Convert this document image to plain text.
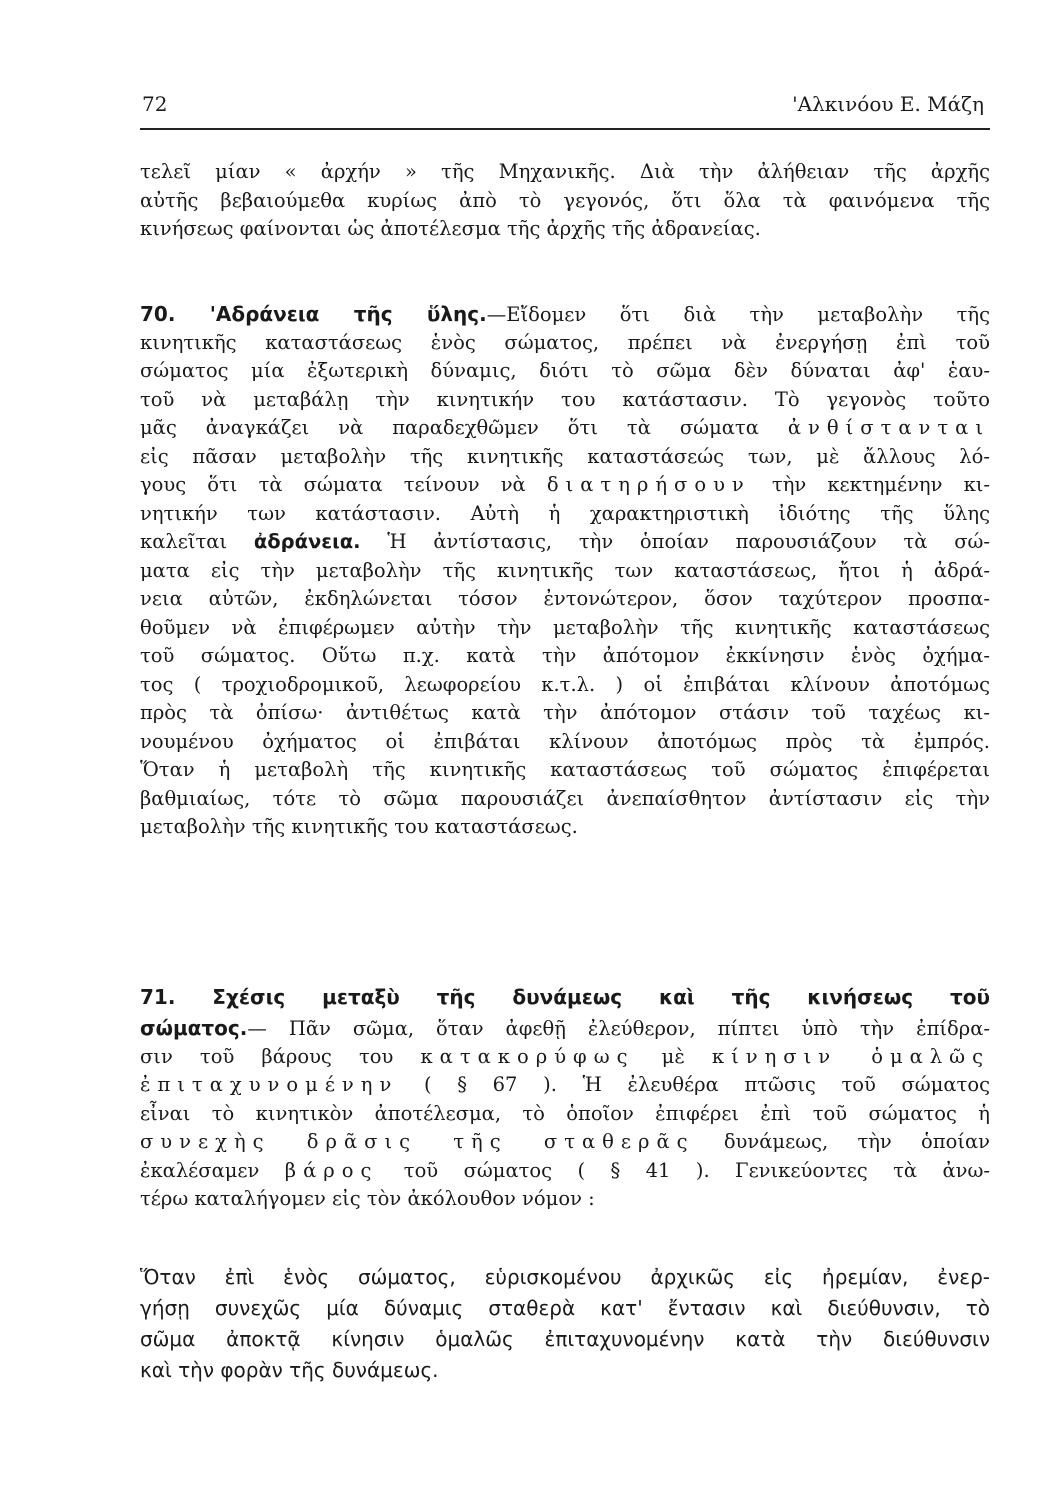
72	'Αλκινόου Ε. Μάζη
τελεῖ μίαν « ἀρχήν » τῆς Μηχανικῆς. Διὰ τὴν ἀλήθειαν τῆς ἀρχῆς
αὐτῆς βεβαιούμεθα κυρίως ἀπὸ τὸ γεγονός, ὅτι ὅλα τὰ φαινόμενα τῆς
κινήσεως φαίνονται ὡς ἀποτέλεσμα τῆς ἀρχῆς τῆς ἀδρανείας.
70. 'Αδράνεια τῆς ὕλης.—Εἴδομεν ὅτι διὰ τὴν μεταβολὴν τῆς
κινητικῆς καταστάσεως ἑνὸς σώματος, πρέπει νὰ ἐνεργήσῃ ἐπὶ τοῦ
σώματος μία ἐξωτερικὴ δύναμις, διότι τὸ σῶμα δὲν δύναται ἀφ' ἑαυ-
τοῦ νὰ μεταβάλῃ τὴν κινητικήν του κατάστασιν. Τὸ γεγονὸς τοῦτο
μᾶς ἀναγκάζει νὰ παραδεχθῶμεν ὅτι τὰ σώματα ἀνθίστανται
εἰς πᾶσαν μεταβολὴν τῆς κινητικῆς καταστάσεώς των, μὲ ἄλλους λό-
γους ὅτι τὰ σώματα τείνουν νὰ διατηρήσουν τὴν κεκτημένην κι-
νητικήν των κατάστασιν. Αὐτὴ ἡ χαρακτηριστικὴ ἰδιότης τῆς ὕλης
καλεῖται ἀδράνεια. Ἡ ἀντίστασις, τὴν ὁποίαν παρουσιάζουν τὰ σώ-
ματα εἰς τὴν μεταβολὴν τῆς κινητικῆς των καταστάσεως, ἤτοι ἡ ἀδρά-
νεια αὐτῶν, ἐκδηλώνεται τόσον ἐντονώτερον, ὅσον ταχύτερον προσπα-
θοῦμεν νὰ ἐπιφέρωμεν αὐτὴν τὴν μεταβολὴν τῆς κινητικῆς καταστάσεως
τοῦ σώματος. Οὕτω π.χ. κατὰ τὴν ἀπότομον ἐκκίνησιν ἑνὸς ὀχήμα-
τος ( τροχιοδρομικοῦ, λεωφορείου κ.τ.λ. ) οἱ ἐπιβάται κλίνουν ἀποτόμως
πρὸς τὰ ὀπίσω· ἀντιθέτως κατὰ τὴν ἀπότομον στάσιν τοῦ ταχέως κι-
νουμένου ὀχήματος οἱ ἐπιβάται κλίνουν ἀποτόμως πρὸς τὰ ἐμπρός.
Ὅταν ἡ μεταβολὴ τῆς κινητικῆς καταστάσεως τοῦ σώματος ἐπιφέρεται
βαθμιαίως, τότε τὸ σῶμα παρουσιάζει ἀνεπαίσθητον ἀντίστασιν εἰς τὴν
μεταβολὴν τῆς κινητικῆς του καταστάσεως.
71. Σχέσις μεταξὺ τῆς δυνάμεως καὶ τῆς κινήσεως τοῦ
σώματος.— Πᾶν σῶμα, ὅταν ἀφεθῇ ἐλεύθερον, πίπτει ὑπὸ τὴν ἐπίδρα-
σιν τοῦ βάρους του κατακορύφως μὲ κίνησιν ὁμαλῶς
ἐπιταχυνομένην ( § 67 ). Ἡ ἐλευθέρα πτῶσις τοῦ σώματος
εἶναι τὸ κινητικὸν ἀποτέλεσμα, τὸ ὁποῖον ἐπιφέρει ἐπὶ τοῦ σώματος ἡ
συνεχὴς δρᾶσις τῆς σταθερᾶς δυνάμεως, τὴν ὁποίαν
ἐκαλέσαμεν βάρος τοῦ σώματος ( § 41 ). Γενικεύοντες τὰ ἀνω-
τέρω καταλήγομεν εἰς τὸν ἀκόλουθον νόμον :
Ὅταν ἐπὶ ἑνὸς σώματος, εὑρισκομένου ἀρχικῶς εἰς ἠρεμίαν, ἐνερ-
γήσῃ συνεχῶς μία δύναμις σταθερὰ κατ' ἔντασιν καὶ διεύθυνσιν, τὸ
σῶμα ἀποκτᾷ κίνησιν ὁμαλῶς ἐπιταχυνομένην κατὰ τὴν διεύθυνσιν
καὶ τὴν φορὰν τῆς δυνάμεως.
